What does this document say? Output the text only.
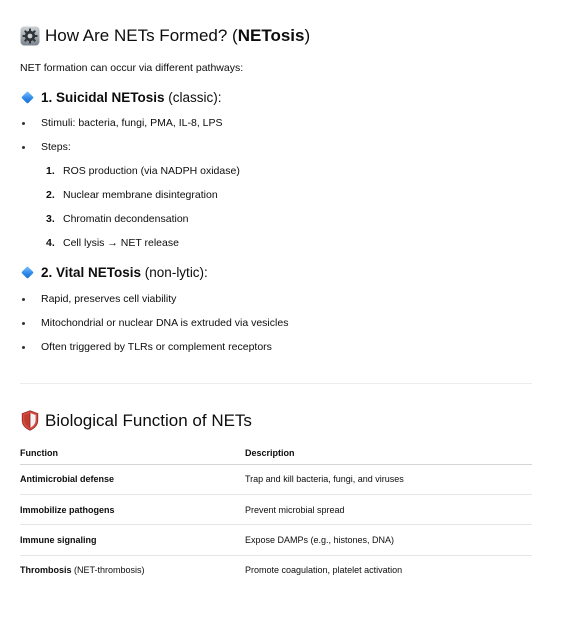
How Are NETs Formed? (NETosis)
NET formation can occur via different pathways:
1. Suicidal NETosis (classic):
Stimuli: bacteria, fungi, PMA, IL-8, LPS
Steps:
1. ROS production (via NADPH oxidase)
2. Nuclear membrane disintegration
3. Chromatin decondensation
4. Cell lysis → NET release
2. Vital NETosis (non-lytic):
Rapid, preserves cell viability
Mitochondrial or nuclear DNA is extruded via vesicles
Often triggered by TLRs or complement receptors
Biological Function of NETs
Function	Description
Antimicrobial defense	Trap and kill bacteria, fungi, and viruses
Immobilize pathogens	Prevent microbial spread
Immune signaling	Expose DAMPs (e.g., histones, DNA)
Thrombosis (NET-thrombosis)	Promote coagulation, platelet activation
